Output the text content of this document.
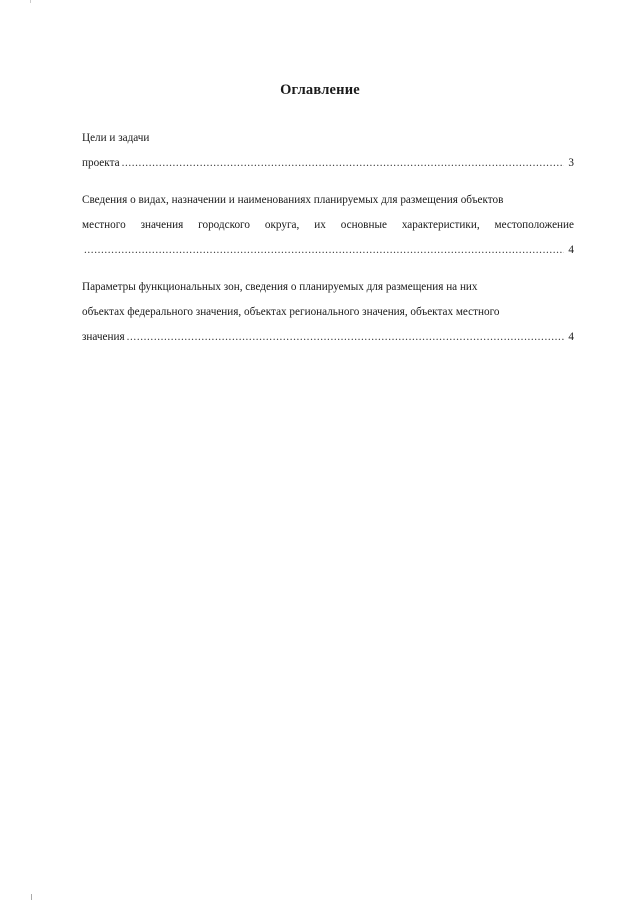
Оглавление
Цели и задачи
проекта .....	3
Сведения о видах, назначении и наименованиях планируемых для размещения объектов
местного значения городского округа, их основные характеристики, местоположение
.....
4
Параметры функциональных зон, сведения о планируемых для размещения на них
объектах федерального значения, объектах регионального значения, объектах местного
значения .....	4
